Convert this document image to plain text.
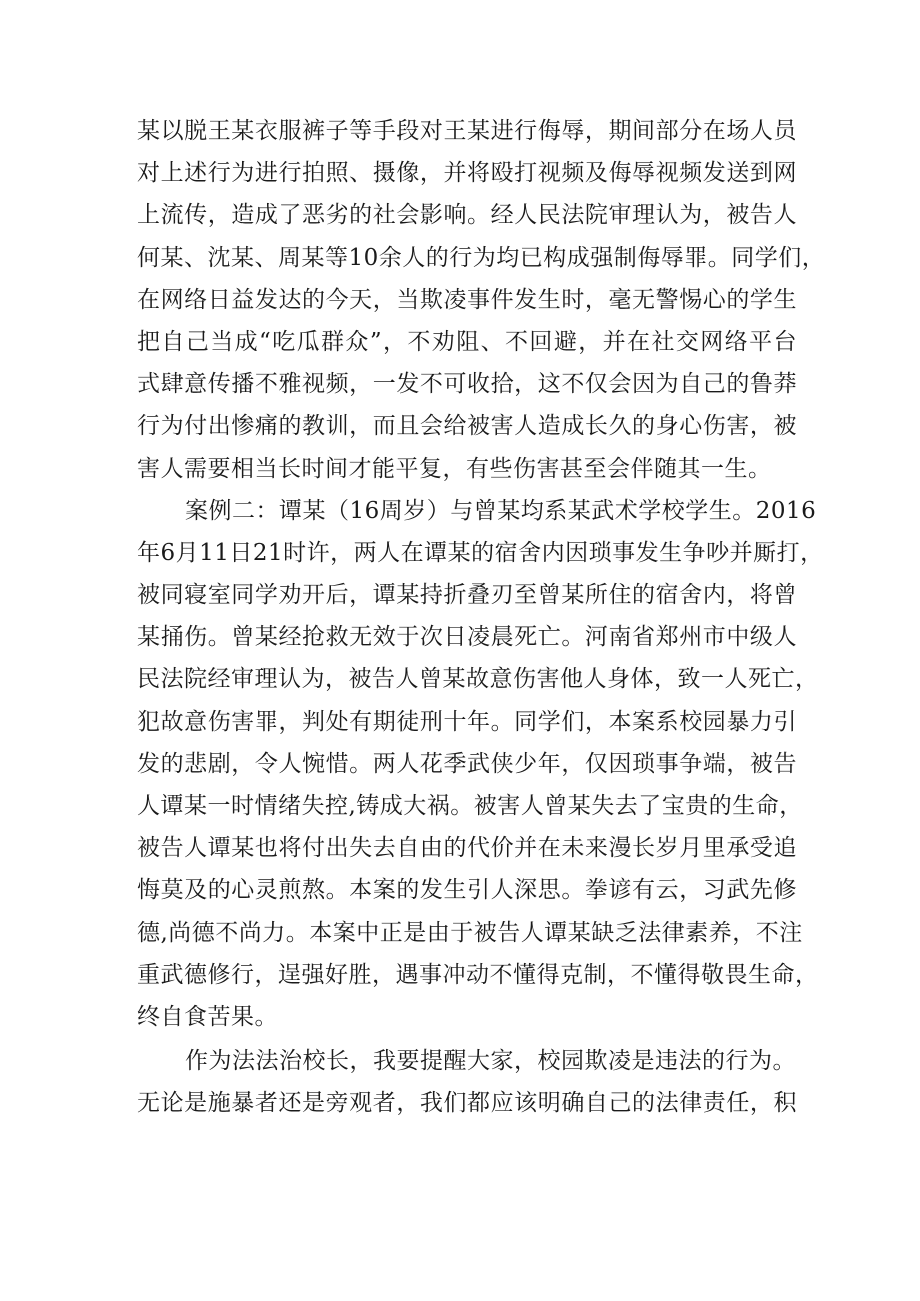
某以脱王某衣服裤子等手段对王某进行侮辱，期间部分在场人员
对上述行为进行拍照、摄像，并将殴打视频及侮辱视频发送到网
上流传，造成了恶劣的社会影响。经人民法院审理认为，被告人
何某、沈某、周某等10余人的行为均已构成强制侮辱罪。同学们，
在网络日益发达的今天，当欺凌事件发生时，毫无警惕心的学生
把自己当成“吃瓜群众”，不劝阻、不回避，并在社交网络平台
式肆意传播不雅视频，一发不可收拾，这不仅会因为自己的鲁莽
行为付出惨痛的教训，而且会给被害人造成长久的身心伤害，被
害人需要相当长时间才能平复，有些伤害甚至会伴随其一生。
案例二：谭某（16周岁）与曾某均系某武术学校学生。2016
年6月11日21时许，两人在谭某的宿舍内因琐事发生争吵并厮打，
被同寝室同学劝开后，谭某持折叠刃至曾某所住的宿舍内，将曾
某捅伤。曾某经抢救无效于次日凌晨死亡。河南省郑州市中级人
民法院经审理认为，被告人曾某故意伤害他人身体，致一人死亡，
犯故意伤害罪，判处有期徒刑十年。同学们，本案系校园暴力引
发的悲剧，令人惋惜。两人花季武侠少年，仅因琐事争端，被告
人谭某一时情绪失控,铸成大祸。被害人曾某失去了宝贵的生命，
被告人谭某也将付出失去自由的代价并在未来漫长岁月里承受追
悔莫及的心灵煎熬。本案的发生引人深思。拳谚有云，习武先修
德,尚德不尚力。本案中正是由于被告人谭某缺乏法律素养，不注
重武德修行，逞强好胜，遇事冲动不懂得克制，不懂得敬畏生命，
终自食苦果。
作为法法治校长，我要提醒大家，校园欺凌是违法的行为。
无论是施暴者还是旁观者，我们都应该明确自己的法律责任，积
